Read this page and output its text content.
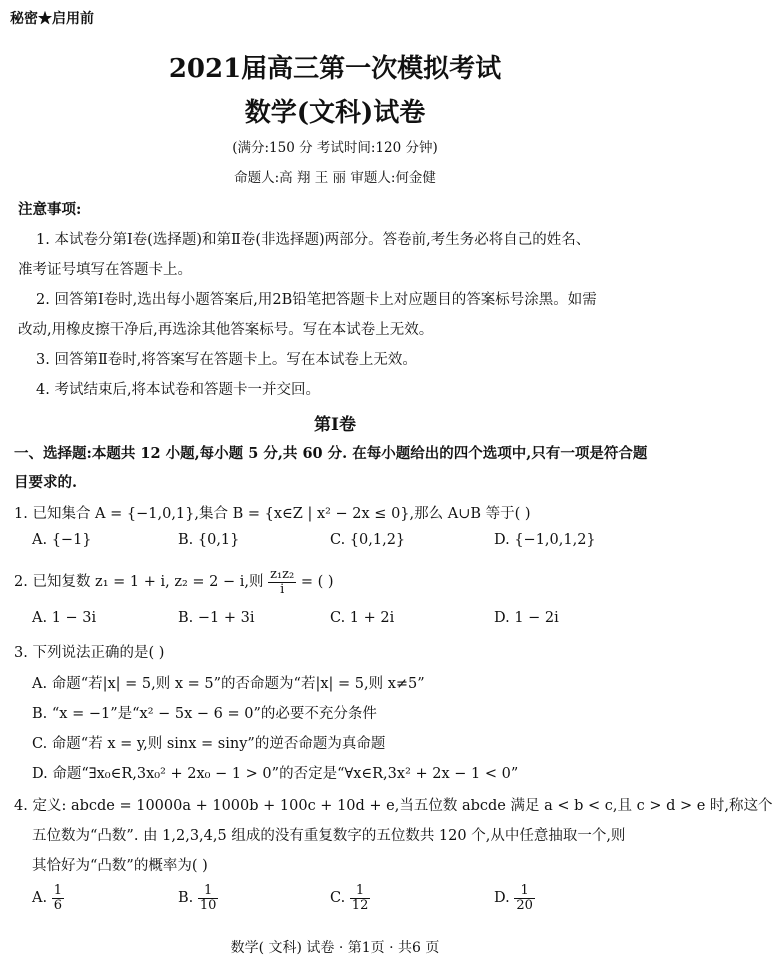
秘密★启用前
2021届高三第一次模拟考试
数学(文科)试卷
(满分:150 分 考试时间:120 分钟)
命题人:高 翔 王 丽 审题人:何金健
注意事项:
1. 本试卷分第Ⅰ卷(选择题)和第Ⅱ卷(非选择题)两部分。答卷前,考生务必将自己的姓名、
准考证号填写在答题卡上。
2. 回答第Ⅰ卷时,选出每小题答案后,用2B铅笔把答题卡上对应题目的答案标号涂黑。如需
改动,用橡皮擦干净后,再选涂其他答案标号。写在本试卷上无效。
3. 回答第Ⅱ卷时,将答案写在答题卡上。写在本试卷上无效。
4. 考试结束后,将本试卷和答题卡一并交回。
第Ⅰ卷
一、选择题:本题共 12 小题,每小题 5 分,共 60 分. 在每小题给出的四个选项中,只有一项是符合题
目要求的.
1. 已知集合 A = {−1,0,1},集合 B = {x∈Z | x² − 2x ≤ 0},那么 A∪B 等于( )
A. {−1}	B. {0,1}	C. {0,1,2}	D. {−1,0,1,2}
2. 已知复数 z₁ = 1 + i, z₂ = 2 − i,则 $\frac{\text{z₁z₂}}{i}$ = ( )
A. 1 − 3i	B. −1 + 3i	C. 1 + 2i	D. 1 − 2i
3. 下列说法正确的是( )
A. 命题“若|x| = 5,则 x = 5”的否命题为“若|x| = 5,则 x≠5”
B. “x = −1”是“x² − 5x − 6 = 0”的必要不充分条件
C. 命题“若 x = y,则 sinx = siny”的逆否命题为真命题
D. 命题“∃x₀∈R,3x₀² + 2x₀ − 1 > 0”的否定是“∀x∈R,3x² + 2x − 1 < 0”
4. 定义: abcde = 10000a + 1000b + 100c + 10d + e,当五位数 abcde 满足 a < b < c,且 c > d > e 时,称这个
五位数为“凸数”. 由 1,2,3,4,5 组成的没有重复数字的五位数共 120 个,从中任意抽取一个,则
其恰好为“凸数”的概率为( )
A. $\frac{1}{6}$	B. $\frac{1}{10}$	C. $\frac{1}{12}$	D. $\frac{1}{20}$
数学( 文科) 试卷 · 第1页 · 共6 页
